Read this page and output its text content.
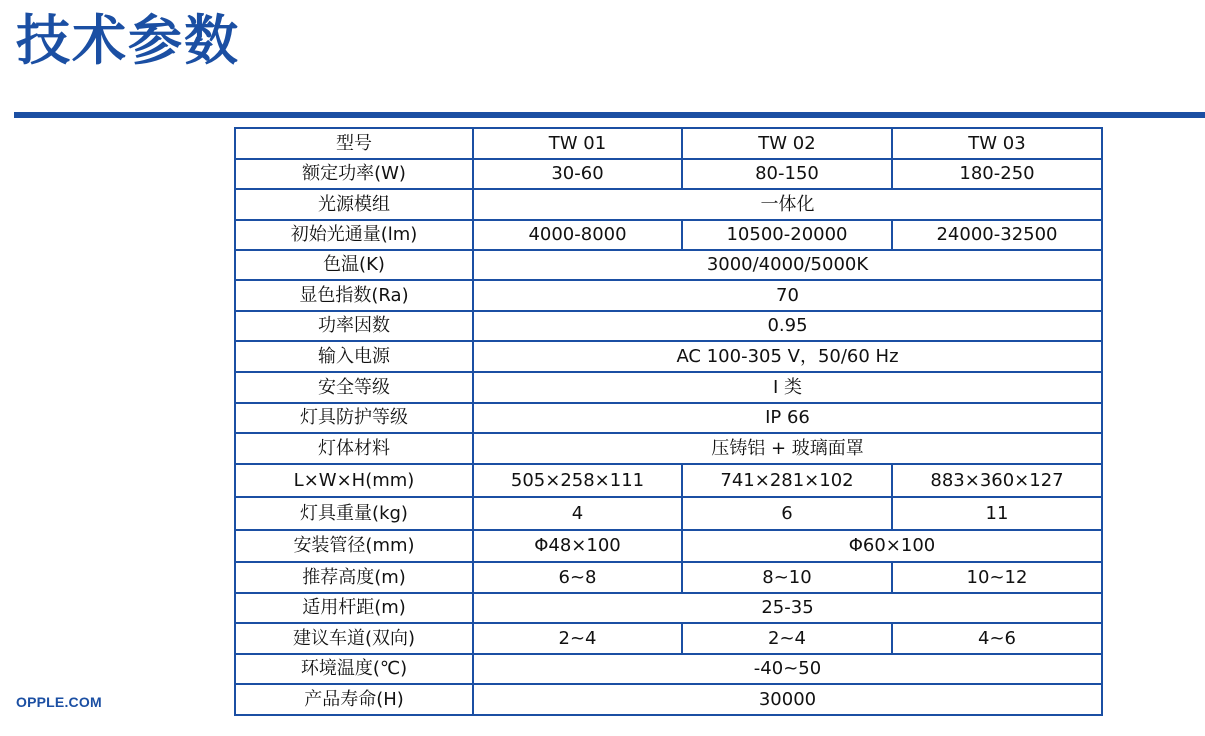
技术参数
型号	TW 01	TW 02	TW 03
额定功率(W)	30-60	80-150	180-250
光源模组	一体化		
初始光通量(lm)	4000-8000	10500-20000	24000-32500
色温(K)	3000/4000/5000K		
显色指数(Ra)	70		
功率因数	0.95		
输入电源	AC 100-305 V，50/60 Hz		
安全等级	I 类		
灯具防护等级	IP 66		
灯体材料	压铸铝 + 玻璃面罩		
L×W×H(mm)	505×258×111	741×281×102	883×360×127
灯具重量(kg)	4	6	11
安装管径(mm)	Φ48×100	Φ60×100	
推荐高度(m)	6~8	8~10	10~12
适用杆距(m)	25-35		
建议车道(双向)	2~4	2~4	4~6
环境温度(℃)	-40~50		
产品寿命(H)	30000		
OPPLE.COM
